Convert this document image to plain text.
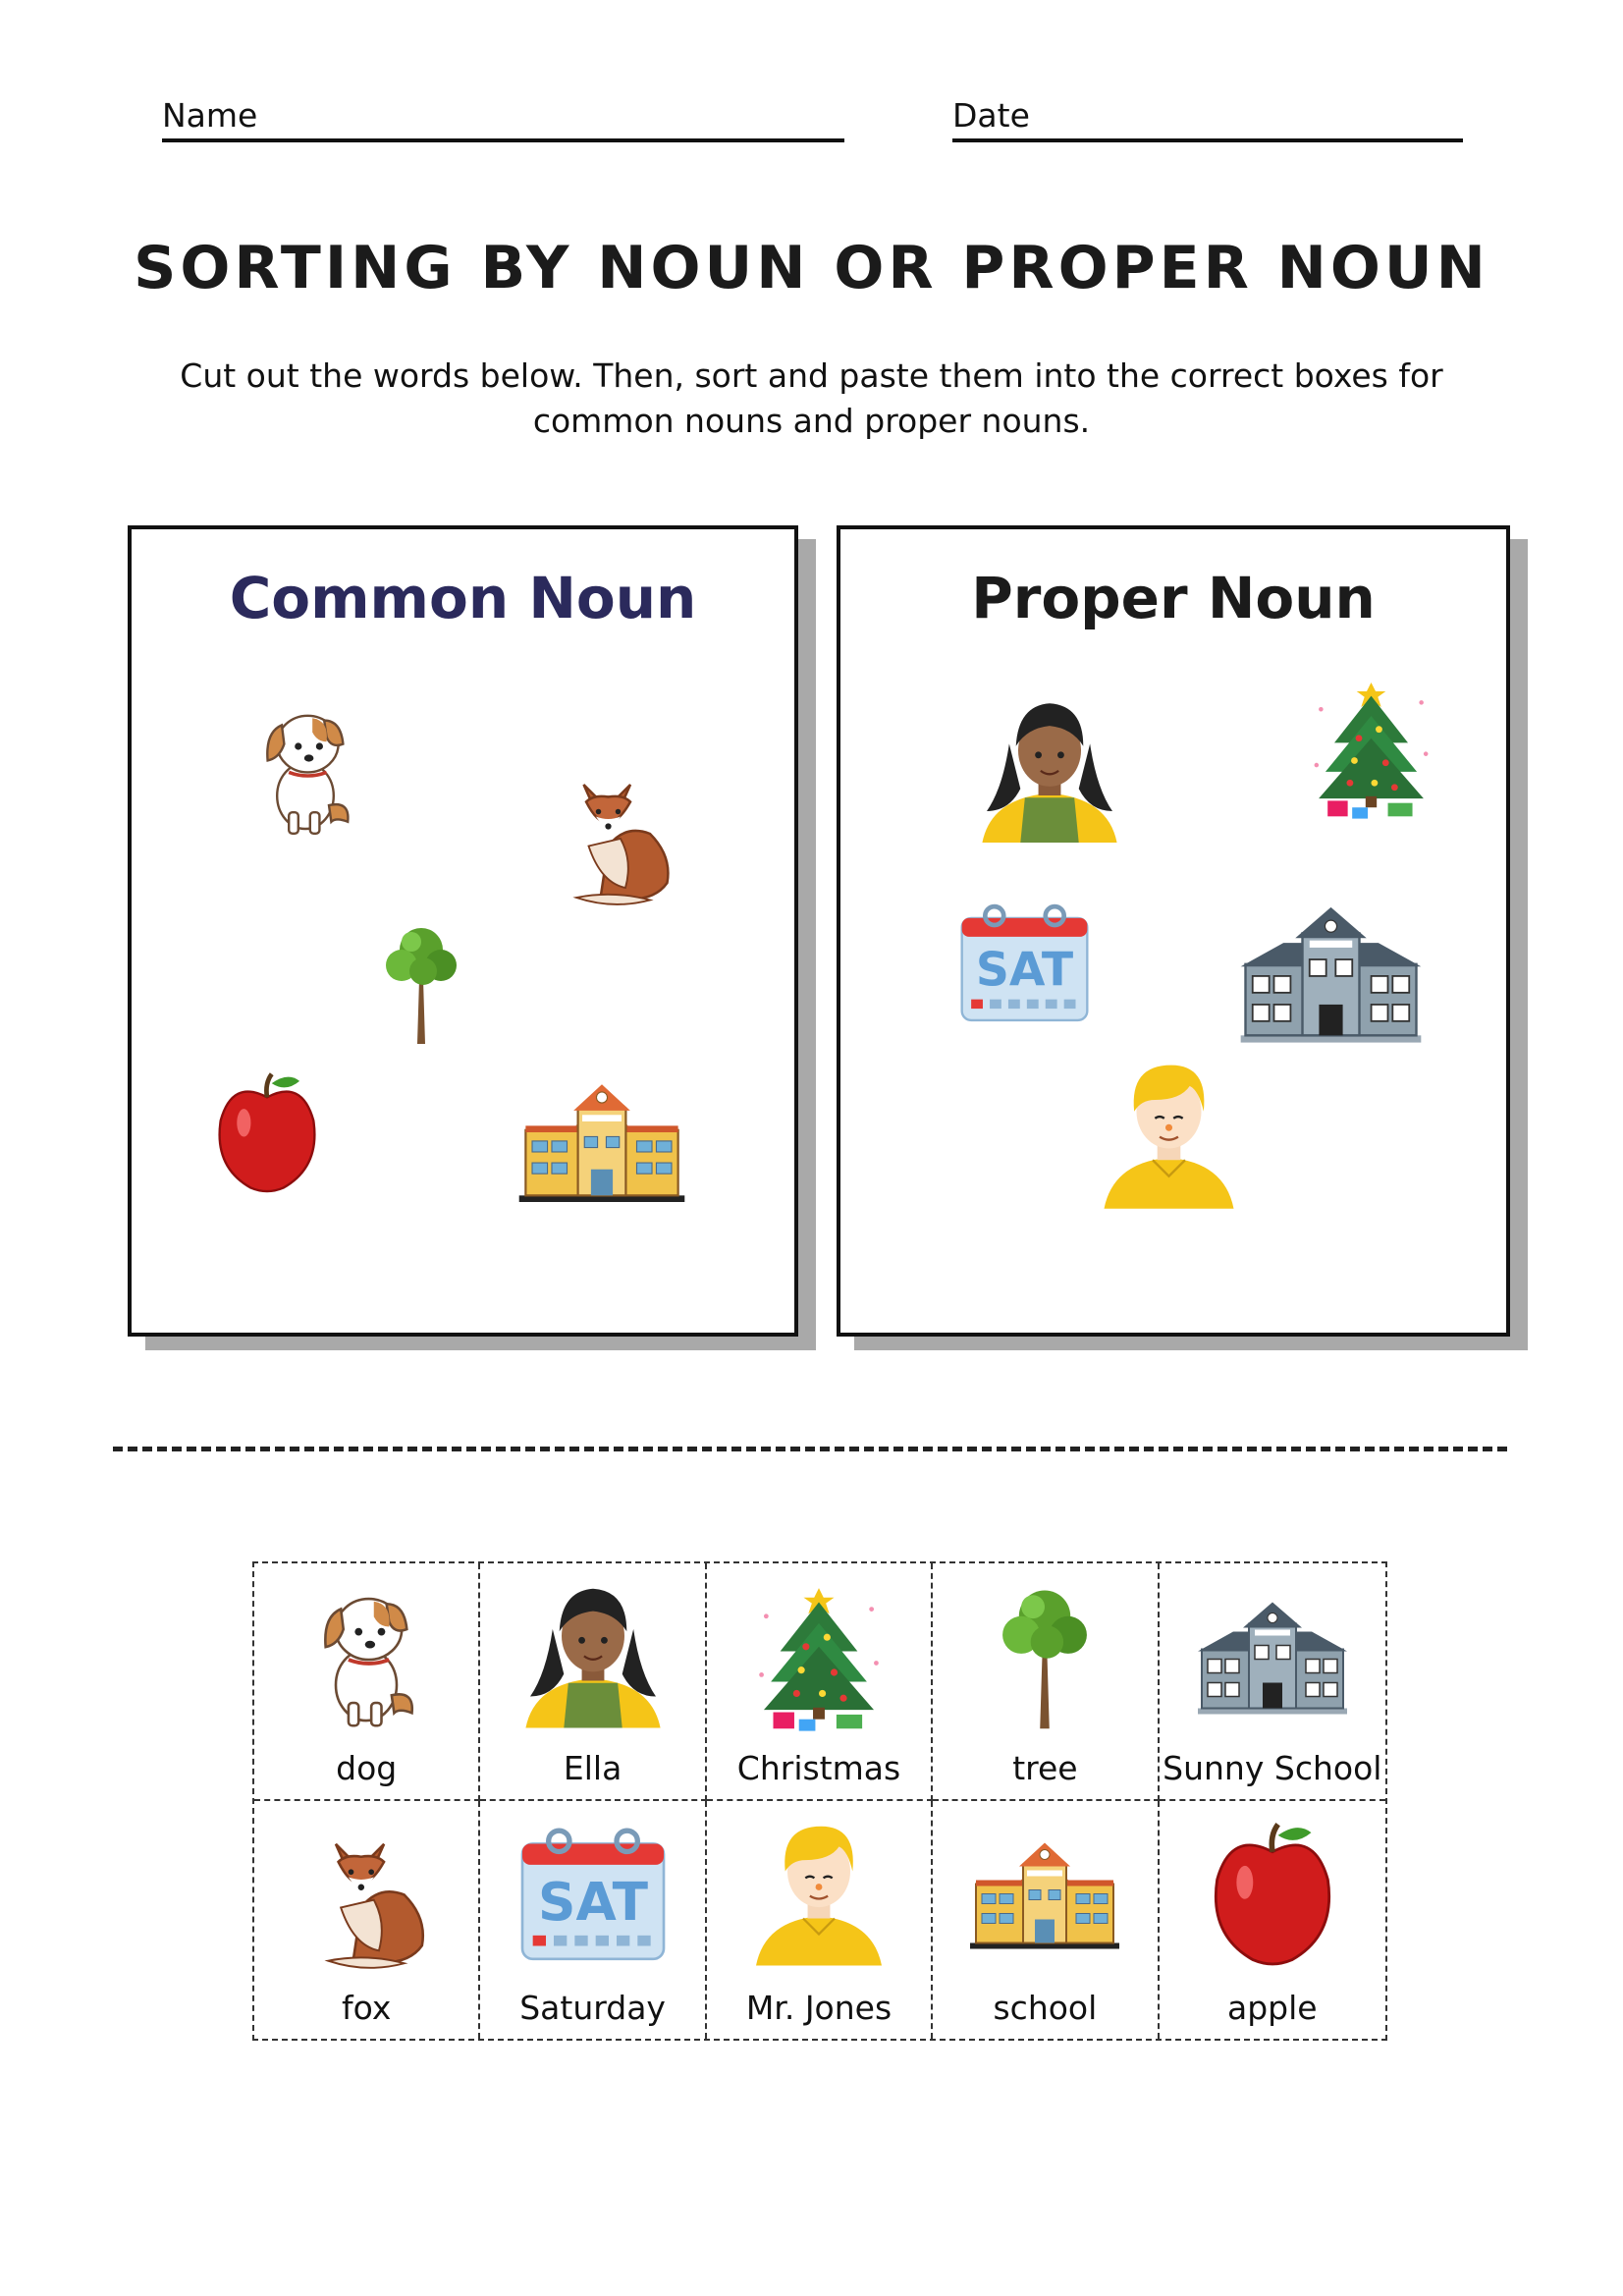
Name	Date
SORTING BY NOUN OR PROPER NOUN
Cut out the words below. Then, sort and paste them into the correct boxes for common nouns and proper nouns.
Common Noun	Proper Noun
dog	Ella	Christmas	tree	Sunny School
fox	Saturday	Mr. Jones	school	apple
